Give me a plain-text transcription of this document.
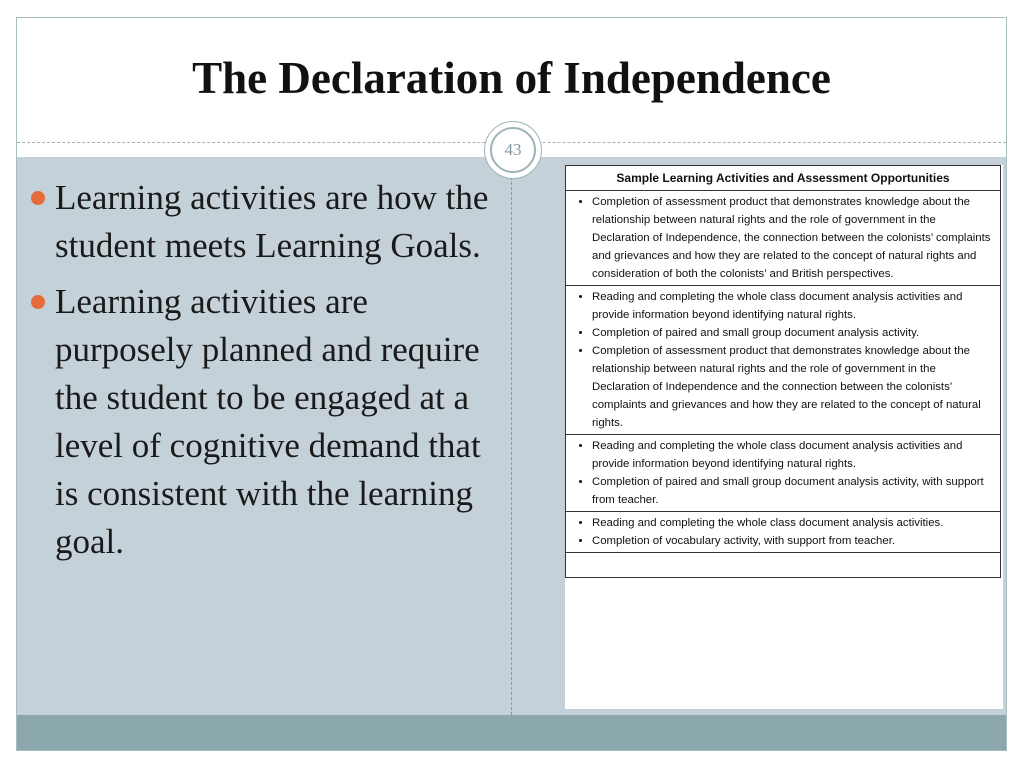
The Declaration of Independence
43
Learning activities are how the student meets Learning Goals.
Learning activities are purposely planned and require the student to be engaged at a level of cognitive demand that is consistent with the learning goal.
Sample Learning Activities and Assessment Opportunities

• Completion of assessment product that demonstrates knowledge about the relationship between natural rights and the role of government in the Declaration of Independence, the connection between the colonists’ complaints and grievances and how they are related to the concept of natural rights and consideration of both the colonists’ and British perspectives.

• Reading and completing the whole class document analysis activities and provide information beyond identifying natural rights.
• Completion of paired and small group document analysis activity.
• Completion of assessment product that demonstrates knowledge about the relationship between natural rights and the role of government in the Declaration of Independence and the connection between the colonists’ complaints and grievances and how they are related to the concept of natural rights.

• Reading and completing the whole class document analysis activities and provide information beyond identifying natural rights.
• Completion of paired and small group document analysis activity, with support from teacher.

• Reading and completing the whole class document analysis activities.
• Completion of vocabulary activity, with support from teacher.
